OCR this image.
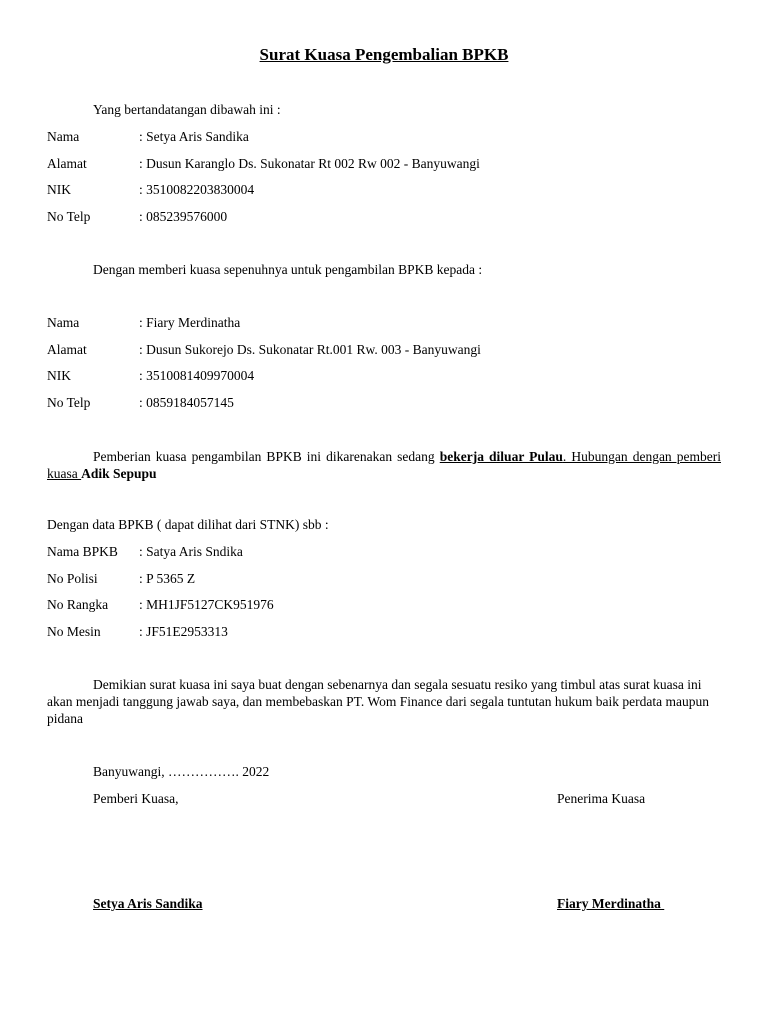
Surat Kuasa Pengembalian BPKB
Yang bertandatangan dibawah ini :
Nama	: Setya Aris Sandika
Alamat	: Dusun Karanglo Ds. Sukonatar Rt 002 Rw 002 - Banyuwangi
NIK	: 3510082203830004
No Telp	: 085239576000
Dengan memberi kuasa sepenuhnya untuk pengambilan BPKB kepada :
Nama	: Fiary Merdinatha
Alamat	: Dusun Sukorejo Ds. Sukonatar Rt.001 Rw. 003 - Banyuwangi
NIK	: 3510081409970004
No Telp	: 0859184057145
Pemberian kuasa pengambilan BPKB ini dikarenakan sedang bekerja diluar Pulau. Hubungan dengan pemberi kuasa Adik Sepupu
Dengan data BPKB ( dapat dilihat dari STNK) sbb :
Nama BPKB : Satya Aris Sndika
No Polisi	: P 5365 Z
No Rangka : MH1JF5127CK951976
No Mesin	: JF51E2953313
Demikian surat kuasa ini saya buat dengan sebenarnya dan segala sesuatu resiko yang timbul atas surat kuasa ini akan menjadi tanggung jawab saya, dan membebaskan PT. Wom Finance dari segala tuntutan hukum baik perdata maupun pidana
Banyuwangi, ……………. 2022
Pemberi Kuasa,	Penerima Kuasa
Setya Aris Sandika	Fiary Merdinatha
